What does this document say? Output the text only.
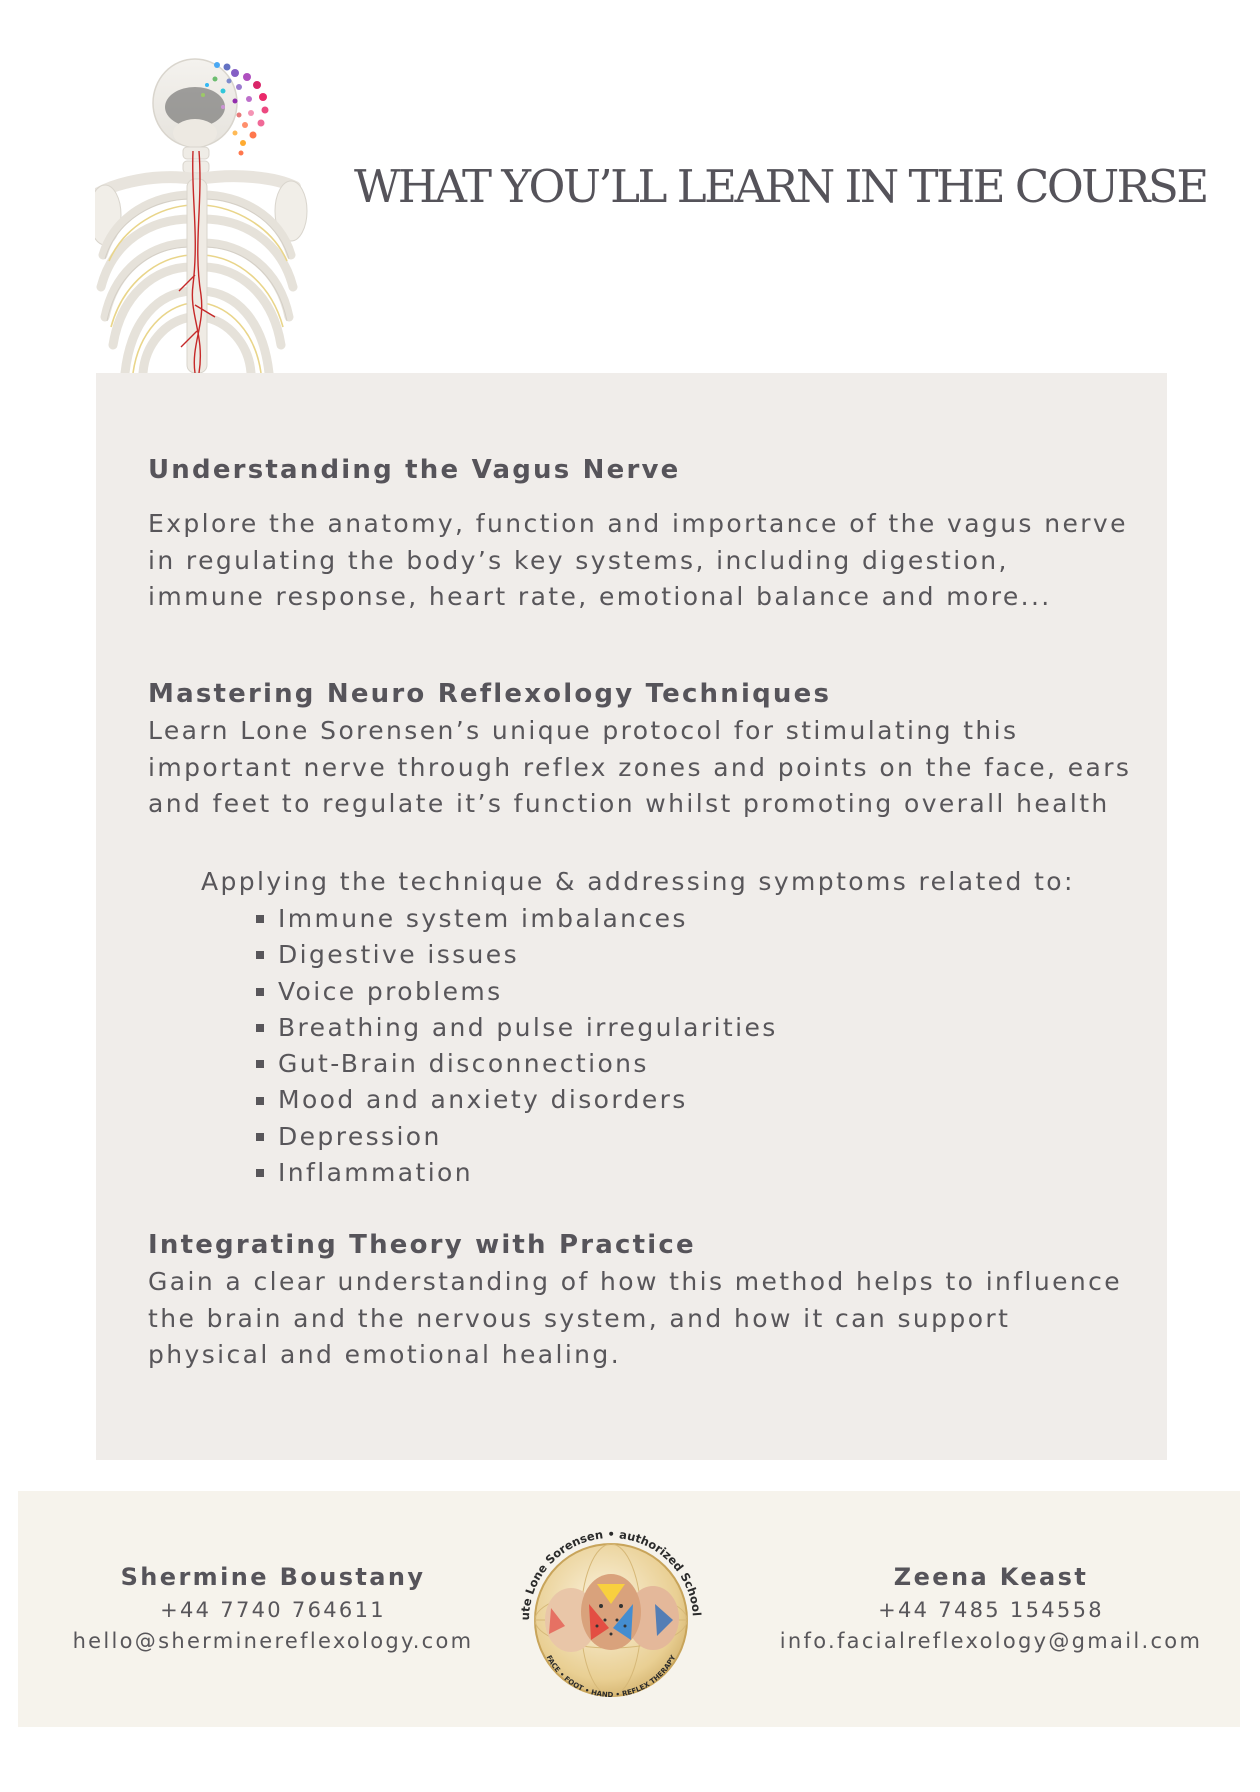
WHAT YOU’LL LEARN IN THE COURSE
Understanding the Vagus Nerve
Explore the anatomy, function and importance of the vagus nerve
in regulating the body’s key systems, including digestion,
immune response, heart rate, emotional balance and more...
Mastering Neuro Reflexology Techniques
Learn Lone Sorensen’s unique protocol for stimulating this
important nerve through reflex zones and points on the face, ears
and feet to regulate it’s function whilst promoting overall health
Applying the technique & addressing symptoms related to:
Immune system imbalances
Digestive issues
Voice problems
Breathing and pulse irregularities
Gut-Brain disconnections
Mood and anxiety disorders
Depression
Inflammation
Integrating Theory with Practice
Gain a clear understanding of how this method helps to influence
the brain and the nervous system, and how it can support
physical and emotional healing.
Shermine Boustany
+44 7740 764611
hello@sherminereflexology.com
ute Lone Sorensen • authorized School
FACE • FOOT • HAND • REFLEX THERAPY
Zeena Keast
+44 7485 154558
info.facialreflexology@gmail.com
